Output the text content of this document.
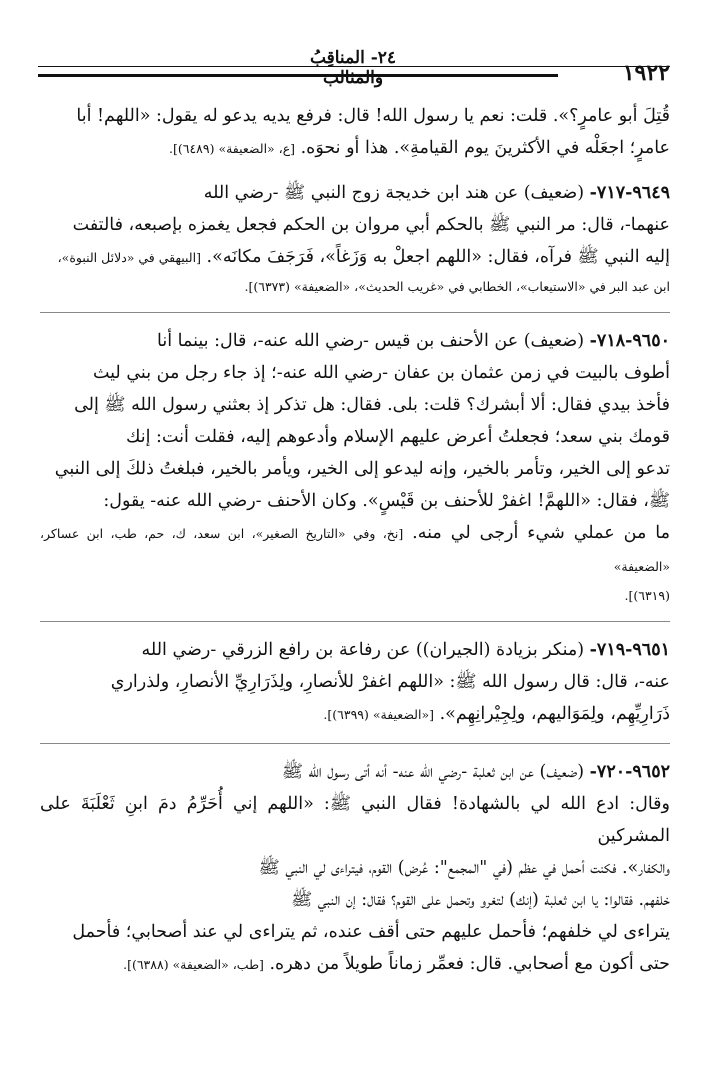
٢٤- المناقِبُ والمثالب	١٩٢٢

قُتِلَ أبو عامرٍ؟». قلت: نعم يا رسول الله! قال: فرفع يديه يدعو له يقول: «اللهم! أبا

عامرٍ؛ اجعَلْه في الأكثرينَ يوم القيامةِ». هذا أو نحوَه. [ع، «الضعيفة» (٦٤٨٩)].

٩٦٤٩-٧١٧- (ضعيف) عن هند ابن خديجة زوج النبي ﷺ -رضي الله

عنهما-، قال: مر النبي ﷺ بالحكم أبي مروان بن الحكم فجعل يغمزه بإصبعه، فالتفت

إليه النبي ﷺ فرآه، فقال: «اللهم اجعلْ به وَزَغاً»، فَرَجَفَ مكانَه». [البيهقي في «دلائل النبوة»،

ابن عبد البر في «الاستيعاب»، الخطابي في «غريب الحديث»، «الضعيفة» (٦٣٧٣)].

٩٦٥٠-٧١٨- (ضعيف) عن الأحنف بن قيس -رضي الله عنه-، قال: بينما أنا

أطوف بالبيت في زمن عثمان بن عفان -رضي الله عنه-؛ إذ جاء رجل من بني ليث

فأخذ بيدي فقال: ألا أبشرك؟ قلت: بلى. فقال: هل تذكر إذ بعثني رسول الله ﷺ إلى

قومك بني سعد؛ فجعلتُ أعرض عليهم الإسلام وأدعوهم إليه، فقلت أنت: إنك

تدعو إلى الخير، وتأمر بالخير، وإنه ليدعو إلى الخير، ويأمر بالخير، فبلغتُ ذلكَ إلى النبي

ﷺ، فقال: «اللهمَّ! اغفرْ للأحنف بن قَيْسٍ». وكان الأحنف -رضي الله عنه- يقول:

ما من عملي شيء أرجى لي منه. [نخ، وفي «التاريخ الصغير»، ابن سعد، ك، حم، طب، ابن عساكر، «الضعيفة»

(٦٣١٩)].

٩٦٥١-٧١٩- (منكر بزيادة (الجيران)) عن رفاعة بن رافع الزرقي -رضي الله

عنه-، قال: قال رسول الله ﷺ: «اللهم اغفرْ للأنصارِ، ولِذَرَارِيِّ الأنصارِ، ولذراري

ذَرَارِيِّهِم، ولِمَوَاليهم، ولِجِيْرانِهِم». [«الضعيفة» (٦٣٩٩)].

٩٦٥٢-٧٢٠- (ضعيف) عن ابن ثعلبة -رضي الله عنه- أنه أتى رسول الله ﷺ

وقال: ادع الله لي بالشهادة! فقال النبي ﷺ: «اللهم إني أُحَرِّمُ دمَ ابنِ ثَعْلَبَةَ على المشركين

والكفار». فكنت أحمل في عظم (في "المجمع": عُرض) القوم، فيتراءى لي النبي ﷺ

خلفهم. فقالوا: يا ابن ثعلبة (إنك) لتغرو وتحمل على القوم؟ فقال: إن النبي ﷺ

يتراءى لي خلفهم؛ فأحمل عليهم حتى أقف عنده، ثم يتراءى لي عند أصحابي؛ فأحمل

حتى أكون مع أصحابي. قال: فعمِّر زماناً طويلاً من دهره. [طب، «الضعيفة» (٦٣٨٨)].
